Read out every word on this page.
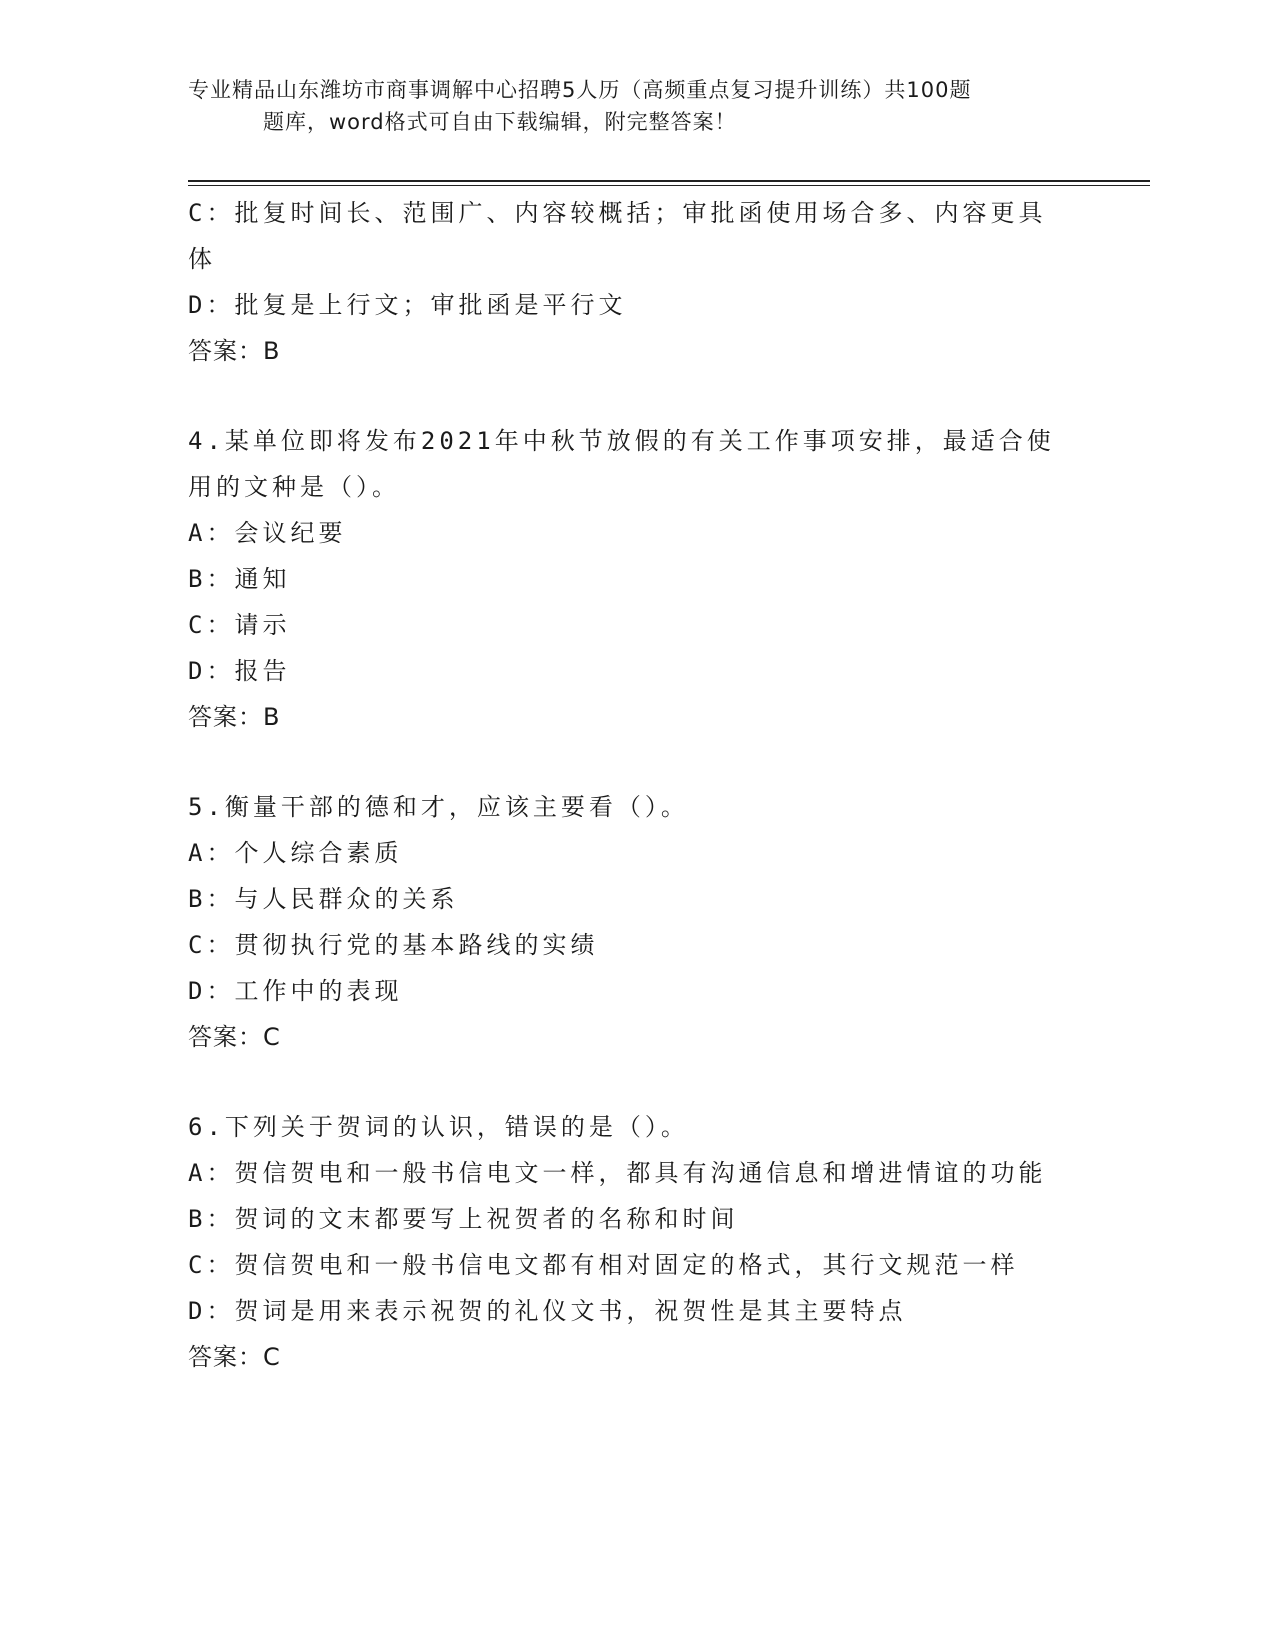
专业精品山东潍坊市商事调解中心招聘5人历（高频重点复习提升训练）共100题
题库，word格式可自由下载编辑，附完整答案！
C：批复时间长、范围广、内容较概括；审批函使用场合多、内容更具
体
D：批复是上行文；审批函是平行文
答案：B
4.某单位即将发布2021年中秋节放假的有关工作事项安排，最适合使
用的文种是（）。
A：会议纪要
B：通知
C：请示
D：报告
答案：B
5.衡量干部的德和才，应该主要看（）。
A：个人综合素质
B：与人民群众的关系
C：贯彻执行党的基本路线的实绩
D：工作中的表现
答案：C
6.下列关于贺词的认识，错误的是（）。
A：贺信贺电和一般书信电文一样，都具有沟通信息和增进情谊的功能
B：贺词的文末都要写上祝贺者的名称和时间
C：贺信贺电和一般书信电文都有相对固定的格式，其行文规范一样
D：贺词是用来表示祝贺的礼仪文书，祝贺性是其主要特点
答案：C
